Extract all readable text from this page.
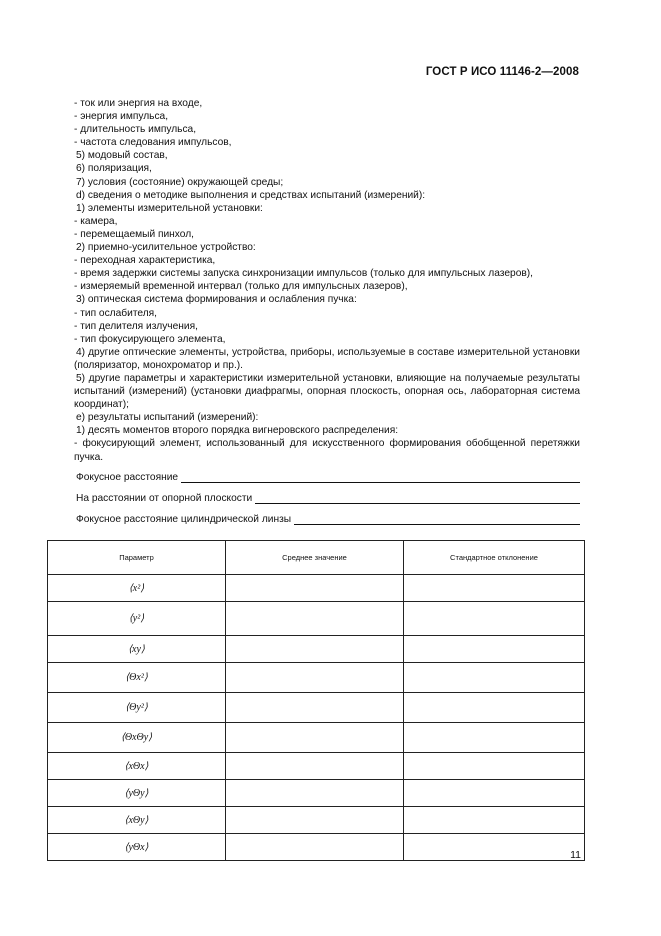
ГОСТ Р ИСО 11146-2—2008

- ток или энергия на входе,

- энергия импульса,

- длительность импульса,

- частота следования импульсов,

5) модовый состав,

6) поляризация,

7) условия (состояние) окружающей среды;

d) сведения о методике выполнения и средствах испытаний (измерений):

1) элементы измерительной установки:

- камера,

- перемещаемый пинхол,

2) приемно-усилительное устройство:

- переходная характеристика,

- время задержки системы запуска синхронизации импульсов (только для импульсных лазеров),

- измеряемый временной интервал (только для импульсных лазеров),

3) оптическая система формирования и ослабления пучка:

- тип ослабителя,

- тип делителя излучения,

- тип фокусирующего элемента,

4) другие оптические элементы, устройства, приборы, используемые в составе измерительной установки (поляризатор, монохроматор и пр.).

5) другие параметры и характеристики измерительной установки, влияющие на получаемые результаты испытаний (измерений) (установки диафрагмы, опорная плоскость, опорная ось, лабораторная система координат);

e) результаты испытаний (измерений):

1) десять моментов второго порядка вигнеровского распределения:

- фокусирующий элемент, использованный для искусственного формирования обобщенной перетяжки пучка.

Фокусное расстояние
На расстоянии от опорной плоскости
Фокусное расстояние цилиндрической линзы
Параметр	Среднее значение	Стандартное отклонение
⟨x²⟩		
⟨y²⟩		
⟨xy⟩		
⟨Θx²⟩		
⟨Θy²⟩		
⟨ΘxΘy⟩		
⟨xΘx⟩		
⟨yΘy⟩		
⟨xΘy⟩		
⟨yΘx⟩		
11
